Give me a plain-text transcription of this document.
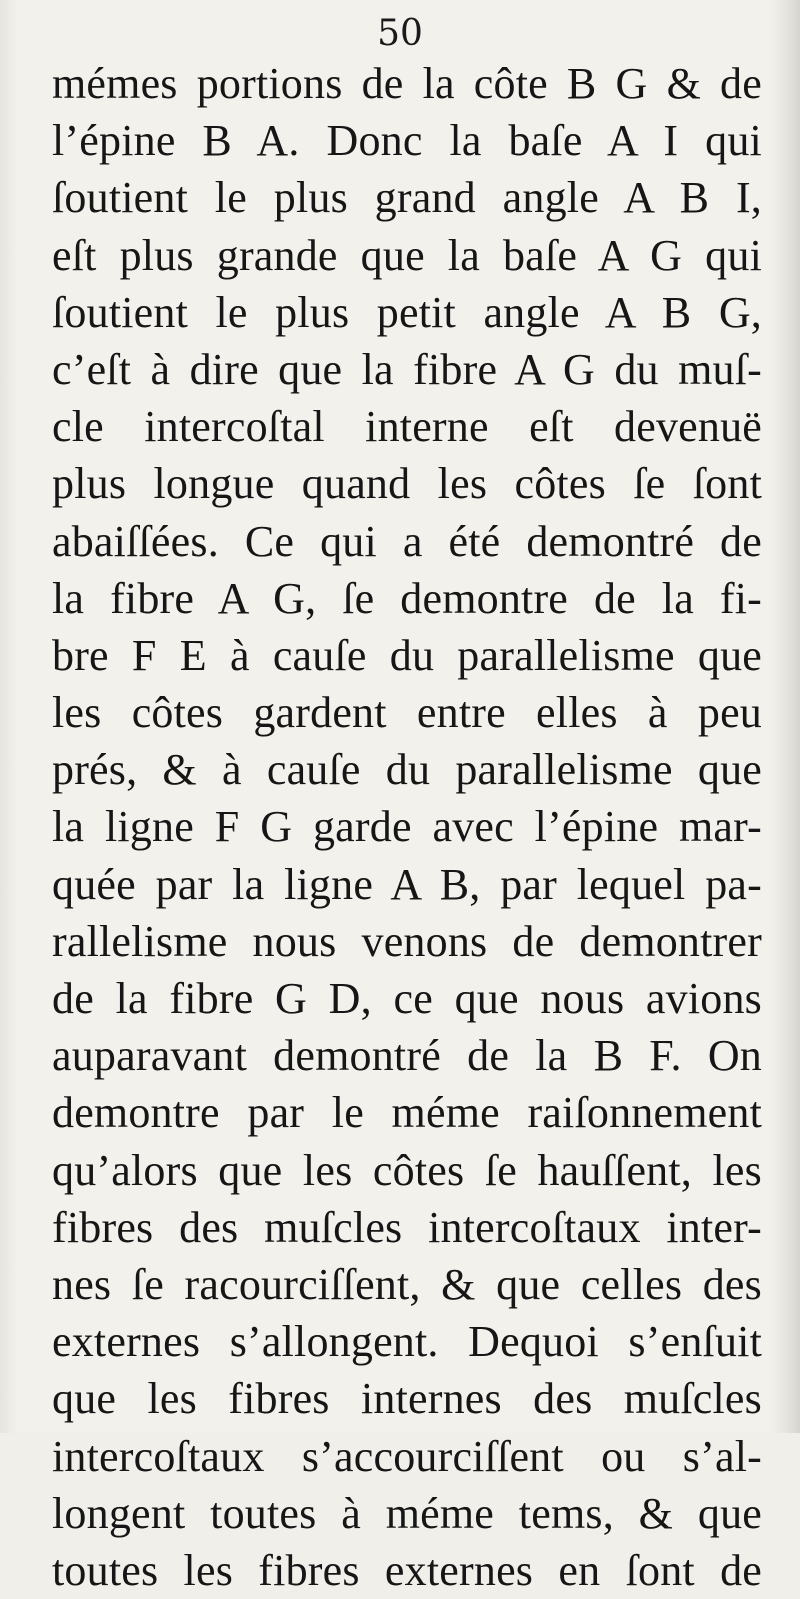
50
mémes portions de la côte B G & de
l’épine B A. Donc la baſe A I qui
ſoutient le plus grand angle A B I,
eſt plus grande que la baſe A G qui
ſoutient le plus petit angle A B G,
c’eſt à dire que la fibre A G du muſ-
cle intercoſtal interne eſt devenuë
plus longue quand les côtes ſe ſont
abaiſſées. Ce qui a été demontré de
la fibre A G, ſe demontre de la fi-
bre F E à cauſe du parallelisme que
les côtes gardent entre elles à peu
prés, & à cauſe du parallelisme que
la ligne F G garde avec l’épine mar-
quée par la ligne A B, par lequel pa-
rallelisme nous venons de demontrer
de la fibre G D, ce que nous avions
auparavant demontré de la B F. On
demontre par le méme raiſonnement
qu’alors que les côtes ſe hauſſent, les
fibres des muſcles intercoſtaux inter-
nes ſe racourciſſent, & que celles des
externes s’allongent. Dequoi s’enſuit
que les fibres internes des muſcles
intercoſtaux s’accourciſſent ou s’al-
longent toutes à méme tems, & que
toutes les fibres externes en ſont de
